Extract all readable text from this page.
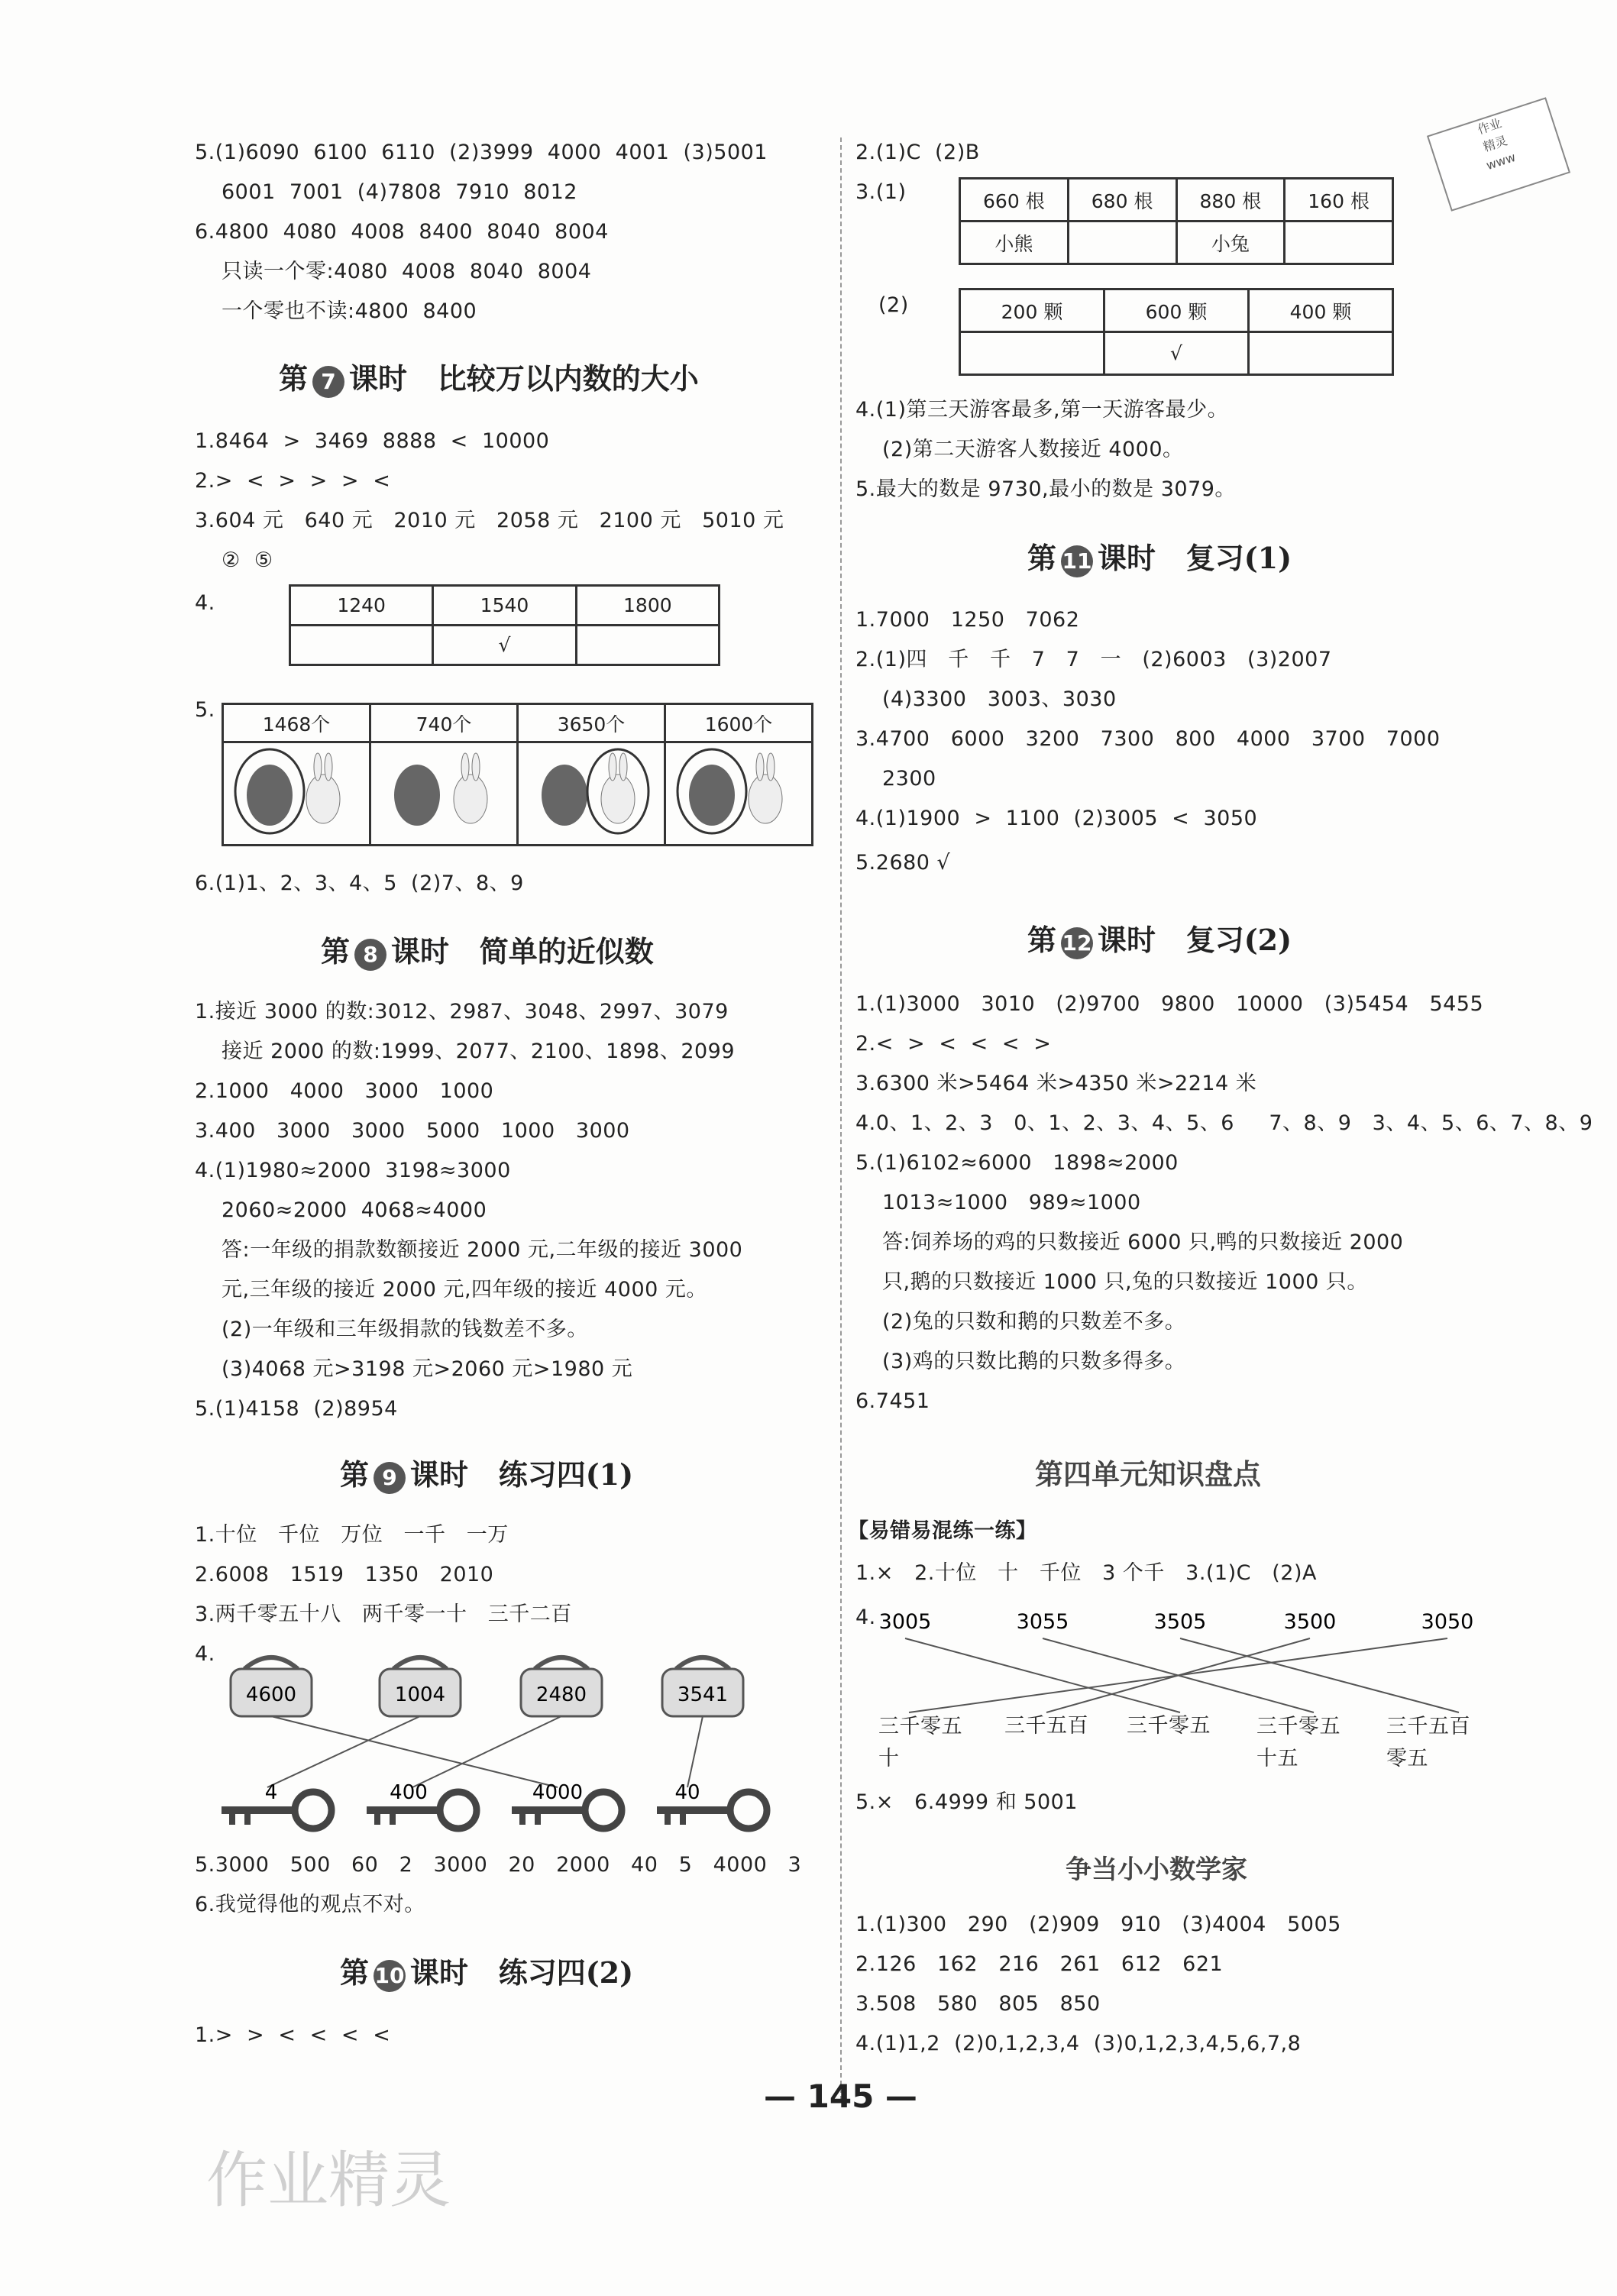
作业
精灵
www
5.(1)6090  6100  6110  (2)3999  4000  4001  (3)5001
6001  7001  (4)7808  7910  8012
6.4800  4080  4008  8400  8040  8004
只读一个零:4080  4008  8040  8004
一个零也不读:4800  8400
第 7 课时   比较万以内数的大小
1.8464  >  3469  8888  <  10000
2.>  <  >  >  >  <
3.604 元   640 元   2010 元   2058 元   2100 元   5010 元
②  ⑤
4.	1240	1540	1800
	√	
5.
1468个	740个	3650个	1600个

6.(1)1、2、3、4、5  (2)7、8、9
第 8 课时   简单的近似数
1.接近 3000 的数:3012、2987、3048、2997、3079
接近 2000 的数:1999、2077、2100、1898、2099
2.1000   4000   3000   1000
3.400   3000   3000   5000   1000   3000
4.(1)1980≈2000  3198≈3000
2060≈2000  4068≈4000
答:一年级的捐款数额接近 2000 元,二年级的接近 3000
元,三年级的接近 2000 元,四年级的接近 4000 元。
(2)一年级和三年级捐款的钱数差不多。
(3)4068 元>3198 元>2060 元>1980 元
5.(1)4158  (2)8954
第 9 课时   练习四(1)
1.十位   千位   万位   一千   一万
2.6008   1519   1350   2010
3.两千零五十八   两千零一十   三千二百
4.
4600	1004	2480	3541
4	400	4000	40
5.3000   500   60   2   3000   20   2000   40   5   4000   3
6.我觉得他的观点不对。
第 10 课时   练习四(2)
1.>  >  <  <  <  <
2.(1)C  (2)B
3.(1)	660 根	680 根	880 根	160 根
小熊		小兔	
(2)	200 颗	600 颗	400 颗
	√	
4.(1)第三天游客最多,第一天游客最少。
(2)第二天游客人数接近 4000。
5.最大的数是 9730,最小的数是 3079。
第 11 课时   复习(1)
1.7000   1250   7062
2.(1)四   千   千   7   7   一   (2)6003   (3)2007
(4)3300   3003、3030
3.4700   6000   3200   7300   800   4000   3700   7000
2300
4.(1)1900  >  1100  (2)3005  <  3050
5.2680 √
第 12 课时   复习(2)
1.(1)3000   3010   (2)9700   9800   10000   (3)5454   5455
2.<  >  <  <  <  >
3.6300 米>5464 米>4350 米>2214 米
4.0、1、2、3   0、1、2、3、4、5、6     7、8、9   3、4、5、6、7、8、9
5.(1)6102≈6000   1898≈2000
1013≈1000   989≈1000
答:饲养场的鸡的只数接近 6000 只,鸭的只数接近 2000
只,鹅的只数接近 1000 只,兔的只数接近 1000 只。
(2)兔的只数和鹅的只数差不多。
(3)鸡的只数比鹅的只数多得多。
6.7451
第四单元知识盘点
【易错易混练一练】
1.×   2.十位   十   千位   3 个千   3.(1)C   (2)A
4. 3005	3055	3505	3500	3050
三千零五
十
三千五百 三千零五 三千零五
十五
三千五百
零五
5.×   6.4999 和 5001
争当小小数学家
1.(1)300   290   (2)909   910   (3)4004   5005
2.126   162   216   261   612   621
3.508   580   805   850
4.(1)1,2  (2)0,1,2,3,4  (3)0,1,2,3,4,5,6,7,8
— 145 —
作业精灵
